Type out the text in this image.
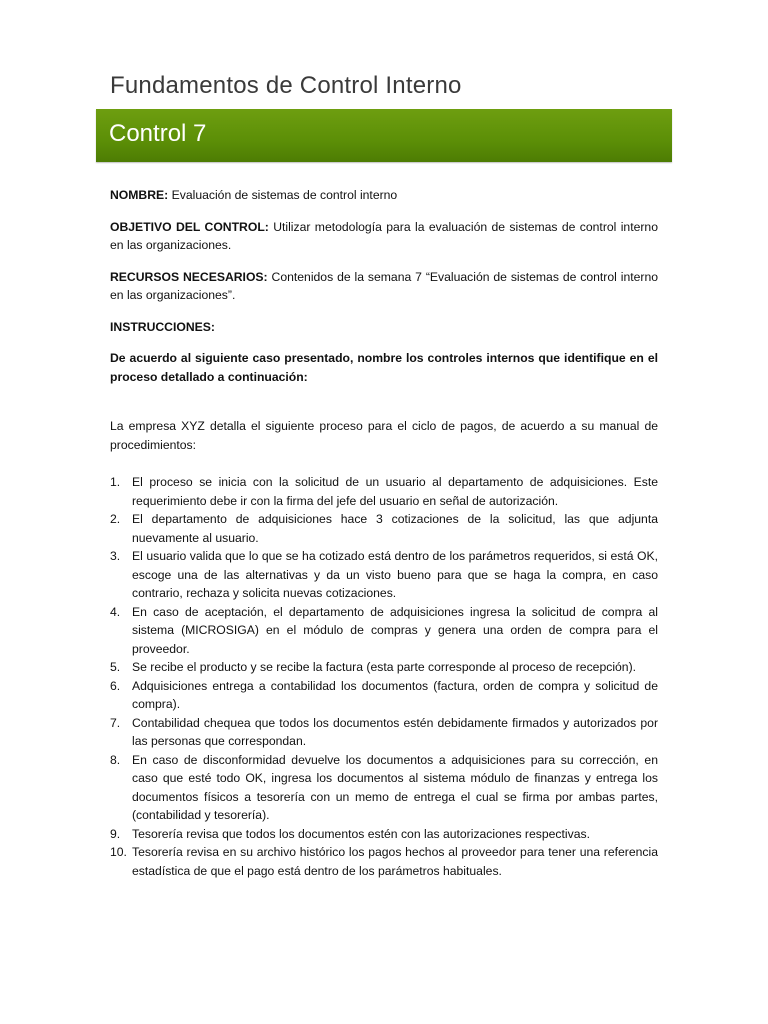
Fundamentos de Control Interno
Control 7

NOMBRE: Evaluación de sistemas de control interno

OBJETIVO DEL CONTROL: Utilizar metodología para la evaluación de sistemas de control interno en las organizaciones.

RECURSOS NECESARIOS: Contenidos de la semana 7 “Evaluación de sistemas de control interno en las organizaciones”.

INSTRUCCIONES:

De acuerdo al siguiente caso presentado, nombre los controles internos que identifique en el proceso detallado a continuación:

La empresa XYZ detalla el siguiente proceso para el ciclo de pagos, de acuerdo a su manual de procedimientos:

1. El proceso se inicia con la solicitud de un usuario al departamento de adquisiciones. Este requerimiento debe ir con la firma del jefe del usuario en señal de autorización.
2. El departamento de adquisiciones hace 3 cotizaciones de la solicitud, las que adjunta nuevamente al usuario.
3. El usuario valida que lo que se ha cotizado está dentro de los parámetros requeridos, si está OK, escoge una de las alternativas y da un visto bueno para que se haga la compra, en caso contrario, rechaza y solicita nuevas cotizaciones.
4. En caso de aceptación, el departamento de adquisiciones ingresa la solicitud de compra al sistema (MICROSIGA) en el módulo de compras y genera una orden de compra para el proveedor.
5. Se recibe el producto y se recibe la factura (esta parte corresponde al proceso de recepción).
6. Adquisiciones entrega a contabilidad los documentos (factura, orden de compra y solicitud de compra).
7. Contabilidad chequea que todos los documentos estén debidamente firmados y autorizados por las personas que correspondan.
8. En caso de disconformidad devuelve los documentos a adquisiciones para su corrección, en caso que esté todo OK, ingresa los documentos al sistema módulo de finanzas y entrega los documentos físicos a tesorería con un memo de entrega el cual se firma por ambas partes, (contabilidad y tesorería).
9. Tesorería revisa que todos los documentos estén con las autorizaciones respectivas.
10. Tesorería revisa en su archivo histórico los pagos hechos al proveedor para tener una referencia estadística de que el pago está dentro de los parámetros habituales.
